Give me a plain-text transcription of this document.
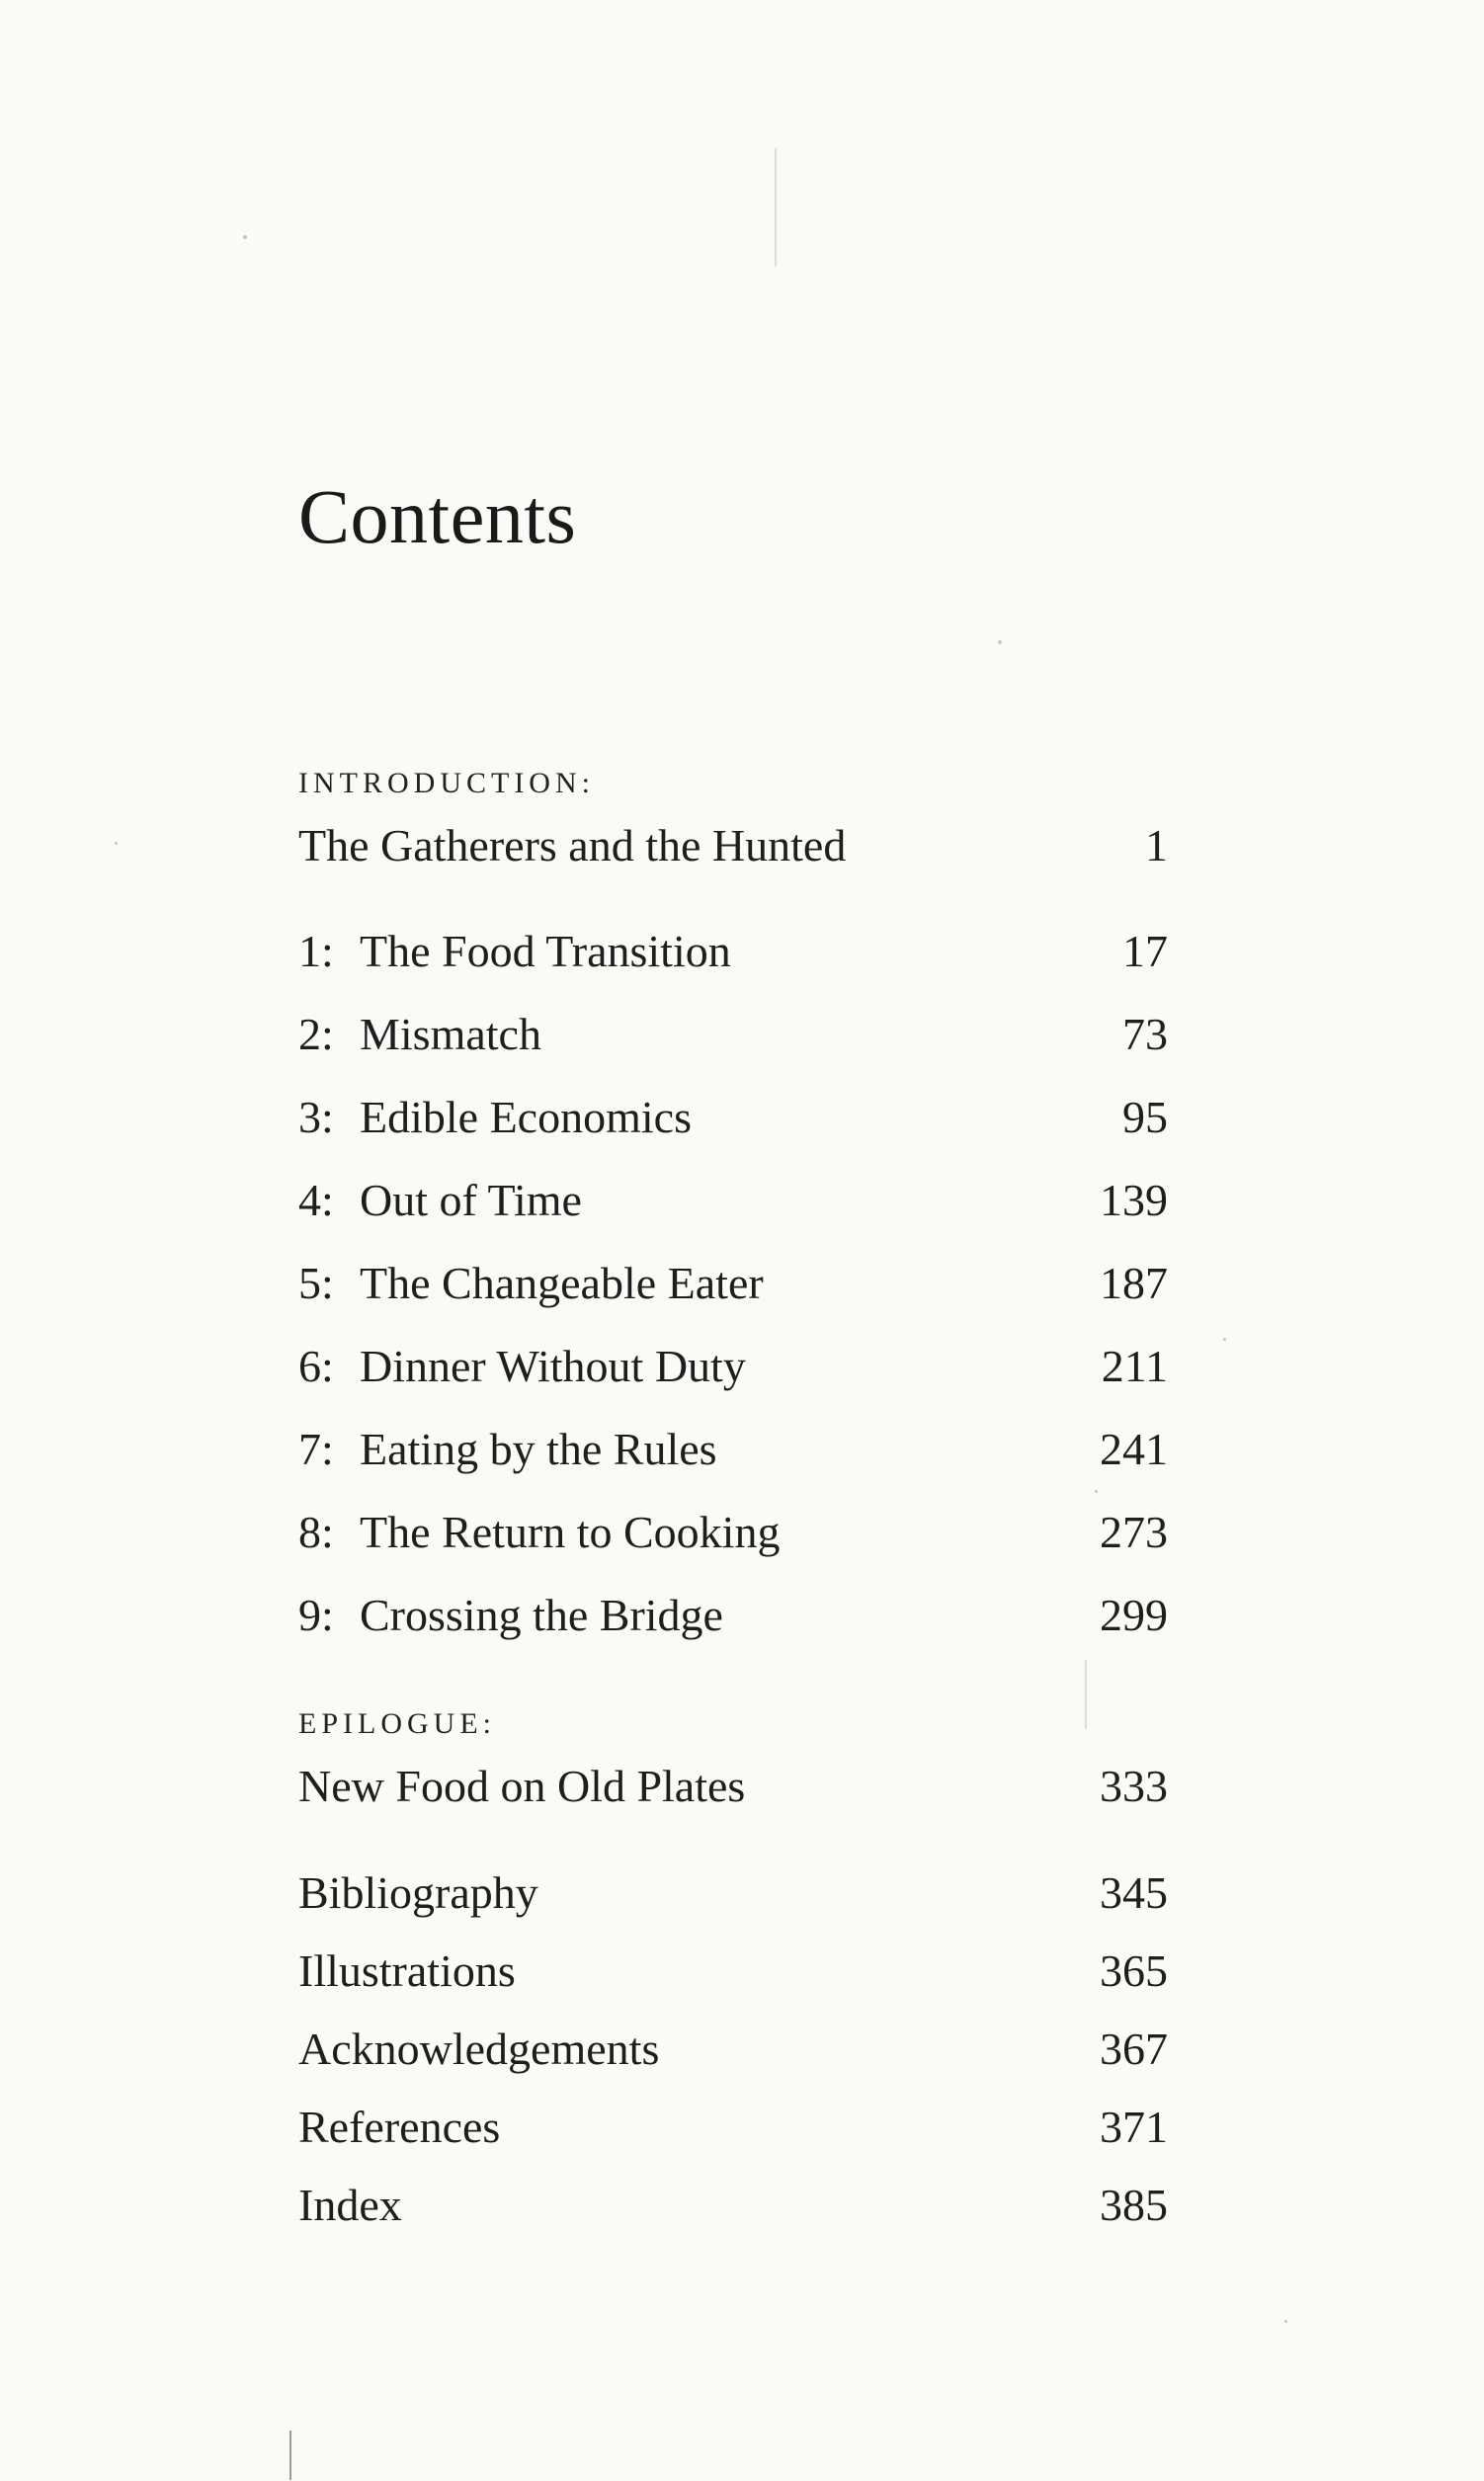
Contents
INTRODUCTION:
The Gatherers and the Hunted	1
1: The Food Transition	17
2: Mismatch	73
3: Edible Economics	95
4: Out of Time	139
5: The Changeable Eater	187
6: Dinner Without Duty	211
7: Eating by the Rules	241
8: The Return to Cooking	273
9: Crossing the Bridge	299
EPILOGUE:
New Food on Old Plates	333
Bibliography	345
Illustrations	365
Acknowledgements	367
References	371
Index	385
